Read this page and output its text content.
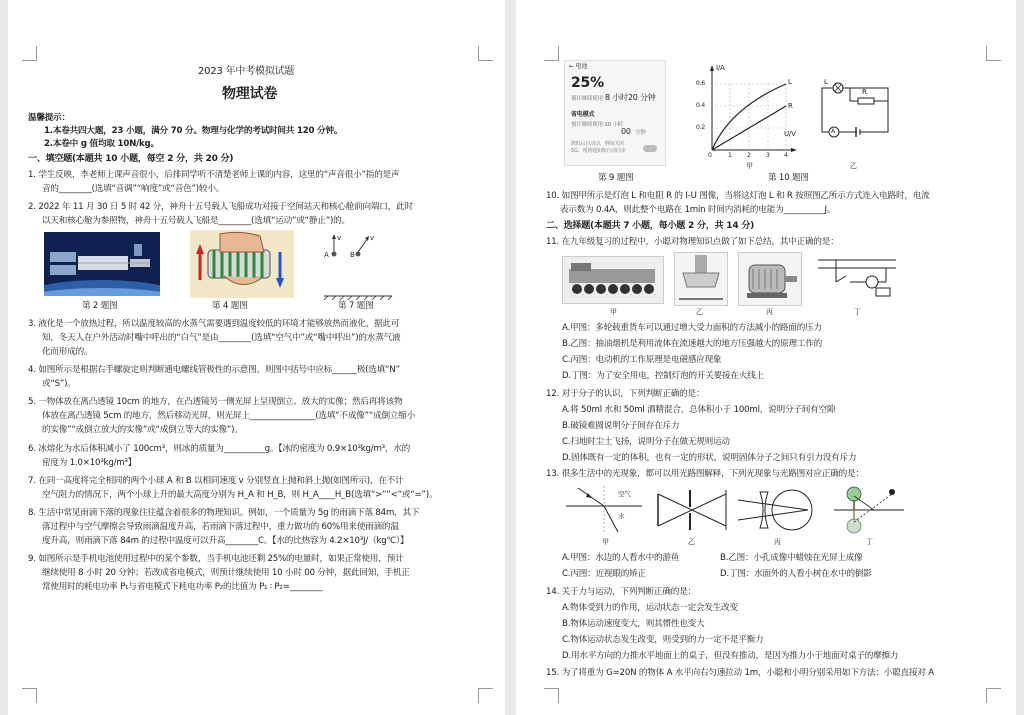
2023 年中考模拟试题
物理试卷
温馨提示：
1.本卷共四大题，23 小题，满分 70 分。物理与化学的考试时间共 120 分钟。
2.本卷中 g 值均取 10N/kg。
一、填空题(本题共 10 小题，每空 2 分，共 20 分)
1. 学生反映，李老师上课声音很小，后排同学听不清楚老师上课的内容，这里的“声音很小”指的是声
音的________(选填“音调”“响度”或“音色”)较小。
2. 2022 年 11 月 30 日 5 时 42 分，神舟十五号载人飞船成功对接于空间站天和核心舱前向端口，此时
以天和核心舱为参照物，神舟十五号载人飞船是________(选填“运动”或“静止”)的。
A	B
v	v
第 2 题图	第 4 题图	第 7 题图
3. 液化是一个放热过程，所以温度较高的水蒸气需要遇到温度较低的环境才能够放热而液化，据此可
知，冬天人在户外活动时嘴中呼出的“白气”是由________(选填“空气中”或“嘴中呼出”)的水蒸气液
化而形成的。
4. 如图所示是根据右手螺旋定则判断通电螺线管极性的示意图，则图中括号中应标______极(选填“N”
或“S”)。
5. 一物体放在离凸透镜 10cm 的地方，在凸透镜另一侧光屏上呈现倒立、放大的实像；然后再将该物
体放在离凸透镜 5cm 的地方，然后移动光屏，则光屏上________________(选填“不成像”“成倒立缩小
的实像”“成倒立放大的实像”或“成倒立等大的实像”)。
6. 冰熔化为水后体积减小了 100cm³，则冰的质量为__________g。【冰的密度为 0.9×10³kg/m³，水的
密度为 1.0×10³kg/m³】
7. 在同一高度将完全相同的两个小球 A 和 B 以相同速度 v 分别竖直上抛和斜上抛(如图所示)，在不计
空气阻力的情况下，两个小球上升的最大高度分别为 H_A 和 H_B，则 H_A____H_B(选填“>”“<”或“=”)。
8. 生活中常见雨滴下落的现象往往蕴含着很多的物理知识。例如，一个质量为 5g 的雨滴下落 84m，其下
落过程中与空气摩擦会导致雨滴温度升高，若雨滴下落过程中，重力做功的 60%用来使雨滴的温
度升高，则雨滴下落 84m 的过程中温度可以升高________C。【水的比热容为 4.2×10³J/（kg℃）】
9. 如图所示是手机电池使用过程中的某个参数，当手机电池还剩 25%的电量时，如果正常使用，预计
继续使用 8 小时 20 分钟；若改成省电模式，则预计继续使用 10 小时 00 分钟，据此回知，手机正
常使用时的耗电功率 P₁与省电模式下耗电功率 P₂的比值为 P₁ ∶ P₂=________
← 电池
25%
预计继续使用 8 小时20 分钟
省电模式
预计继续使用 10 小时
00 分钟
降低后台活动，例如关闭 5G、现场通知和自动同步
I/A
U/V
L
R
0.6
0.4
0.2
0	1	2	3 4
甲
L
R
A
乙
第 9 题图	第 10 题图
10. 如图甲所示是灯泡 L 和电阻 R 的 I-U 图像，当将这灯泡 L 和 R 按照图乙所示方式连入电路时，电流
表示数为 0.4A，则此整个电路在 1min 时间内消耗的电能为__________J。
二、选择题(本题共 7 小题，每小题 2 分，共 14 分)
11. 在九年级复习的过程中，小聪对物理知识点做了如下总结，其中正确的是：
甲	乙	丙	丁
A.甲图：多轮载重货车可以通过增大受力面积的方法减小的路面的压力
B.乙图：抽油烟机是利用流体在流速越大的地方压强越大的原理工作的
C.丙图：电动机的工作原理是电磁感应现象
D.丁图：为了安全用电，控制灯泡的开关要接在火线上
12. 对于分子的认识，下列判断正确的是：
A.将 50ml 水和 50ml 酒精混合，总体积小于 100ml，说明分子间有空隙
B.破镜难圆说明分子间存在斥力
C.扫地时尘土飞扬，说明分子在做无规则运动
D.固体既有一定的体积，也有一定的形状，说明固体分子之间只有引力没有斥力
13. 很多生活中的光现象，都可以用光路图解释，下列光现象与光路图对应正确的是：
空气
水
甲	乙	丙	丁
A.甲图：水边的人看水中的游鱼	B.乙图：小孔成像中蜡烛在光屏上成像
C.丙图：近视眼的矫正	D.丁图：水面外的人看小树在水中的倒影
14. 关于力与运动，下列判断正确的是：
A.物体受到力的作用，运动状态一定会发生改变
B.物体运动速度变大，则其惯性也变大
C.物体运动状态发生改变，则受到的力一定不是平衡力
D.用水平方向的力推水平地面上的桌子，但没有推动，是因为推力小于地面对桌子的摩擦力
15. 为了将重为 G=20N 的物体 A 水平向右匀速拉动 1m，小聪和小明分别采用如下方法：小聪直接对 A
